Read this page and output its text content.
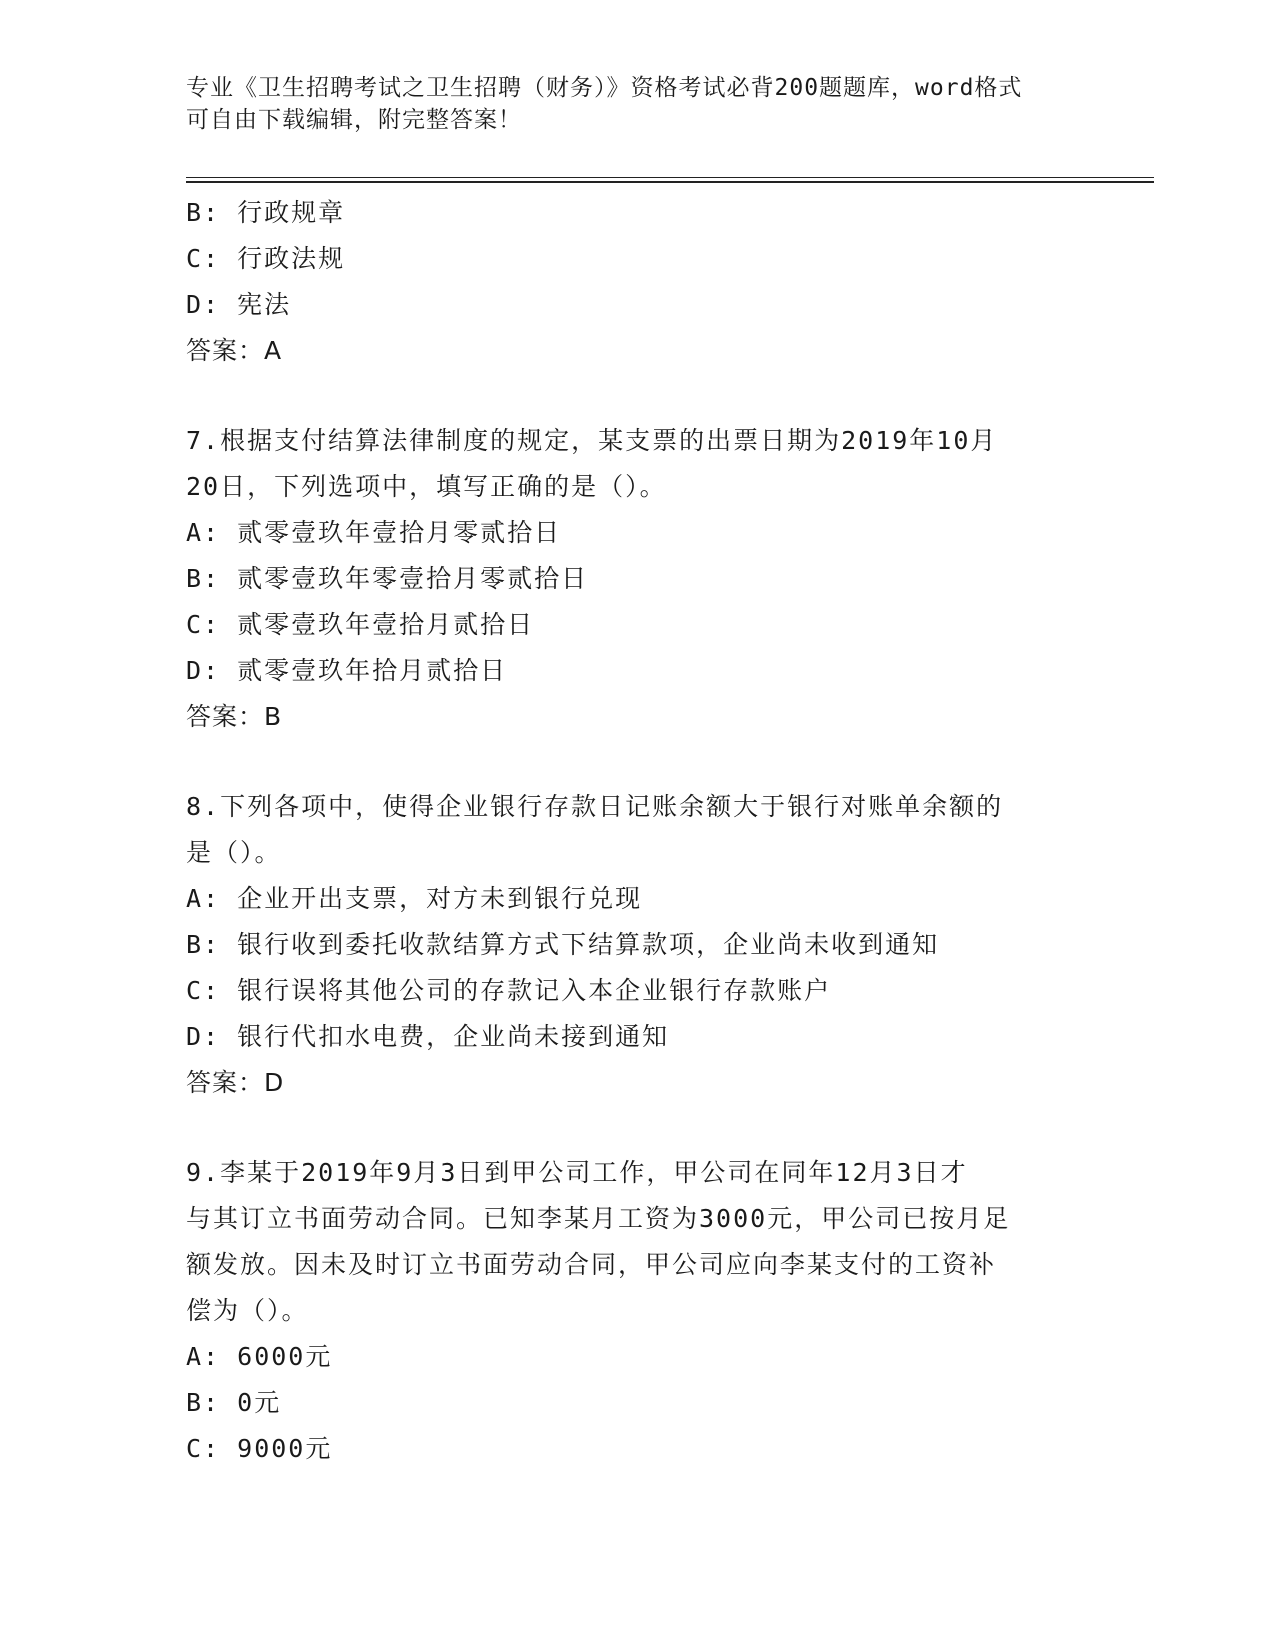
专业《卫生招聘考试之卫生招聘（财务）》资格考试必背200题题库，word格式
可自由下载编辑，附完整答案！

B: 行政规章

C: 行政法规

D: 宪法

答案：A

7.根据支付结算法律制度的规定，某支票的出票日期为2019年10月

20日，下列选项中，填写正确的是（）。

A: 贰零壹玖年壹拾月零贰拾日

B: 贰零壹玖年零壹拾月零贰拾日

C: 贰零壹玖年壹拾月贰拾日

D: 贰零壹玖年拾月贰拾日

答案：B

8.下列各项中，使得企业银行存款日记账余额大于银行对账单余额的

是（）。

A: 企业开出支票，对方未到银行兑现

B: 银行收到委托收款结算方式下结算款项，企业尚未收到通知

C: 银行误将其他公司的存款记入本企业银行存款账户

D: 银行代扣水电费，企业尚未接到通知

答案：D

9.李某于2019年9月3日到甲公司工作，甲公司在同年12月3日才

与其订立书面劳动合同。已知李某月工资为3000元，甲公司已按月足

额发放。因未及时订立书面劳动合同，甲公司应向李某支付的工资补

偿为（）。

A: 6000元

B: 0元

C: 9000元
